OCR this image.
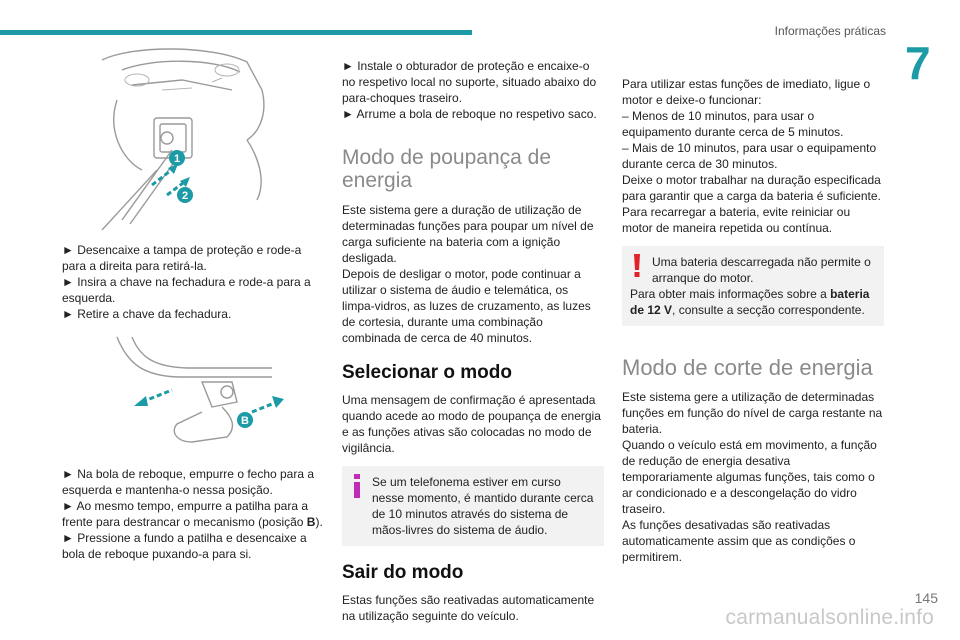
Informações práticas
7
1
2

► Desencaixe a tampa de proteção e rode-a para a direita para retirá-la.

► Insira a chave na fechadura e rode-a para a esquerda.

► Retire a chave da fechadura.

B

► Na bola de reboque, empurre o fecho para a esquerda e mantenha-o nessa posição.

► Ao mesmo tempo, empurre a patilha para a frente para destrancar o mecanismo (posição B).

► Pressione a fundo a patilha e desencaixe a bola de reboque puxando-a para si.

► Instale o obturador de proteção e encaixe-o no respetivo local no suporte, situado abaixo do para-choques traseiro.

► Arrume a bola de reboque no respetivo saco.

Modo de poupança de energia

Este sistema gere a duração de utilização de determinadas funções para poupar um nível de carga suficiente na bateria com a ignição desligada.

Depois de desligar o motor, pode continuar a utilizar o sistema de áudio e telemática, os limpa-vidros, as luzes de cruzamento, as luzes de cortesia, durante uma combinação combinada de cerca de 40 minutos.

Selecionar o modo

Uma mensagem de confirmação é apresentada quando acede ao modo de poupança de energia e as funções ativas são colocadas no modo de vigilância.

Se um telefonema estiver em curso nesse momento, é mantido durante cerca de 10 minutos através do sistema de mãos-livres do sistema de áudio.

Sair do modo

Estas funções são reativadas automaticamente na utilização seguinte do veículo.

Para utilizar estas funções de imediato, ligue o motor e deixe-o funcionar:

– Menos de 10 minutos, para usar o equipamento durante cerca de 5 minutos.

– Mais de 10 minutos, para usar o equipamento durante cerca de 30 minutos.

Deixe o motor trabalhar na duração especificada para garantir que a carga da bateria é suficiente.

Para recarregar a bateria, evite reiniciar ou motor de maneira repetida ou contínua.

Uma bateria descarregada não permite o arranque do motor.

Para obter mais informações sobre a bateria de 12 V, consulte a secção correspondente.

Modo de corte de energia

Este sistema gere a utilização de determinadas funções em função do nível de carga restante na bateria.

Quando o veículo está em movimento, a função de redução de energia desativa temporariamente algumas funções, tais como o ar condicionado e a descongelação do vidro traseiro.

As funções desativadas são reativadas automaticamente assim que as condições o permitirem.

carmanualsonline.info
145
